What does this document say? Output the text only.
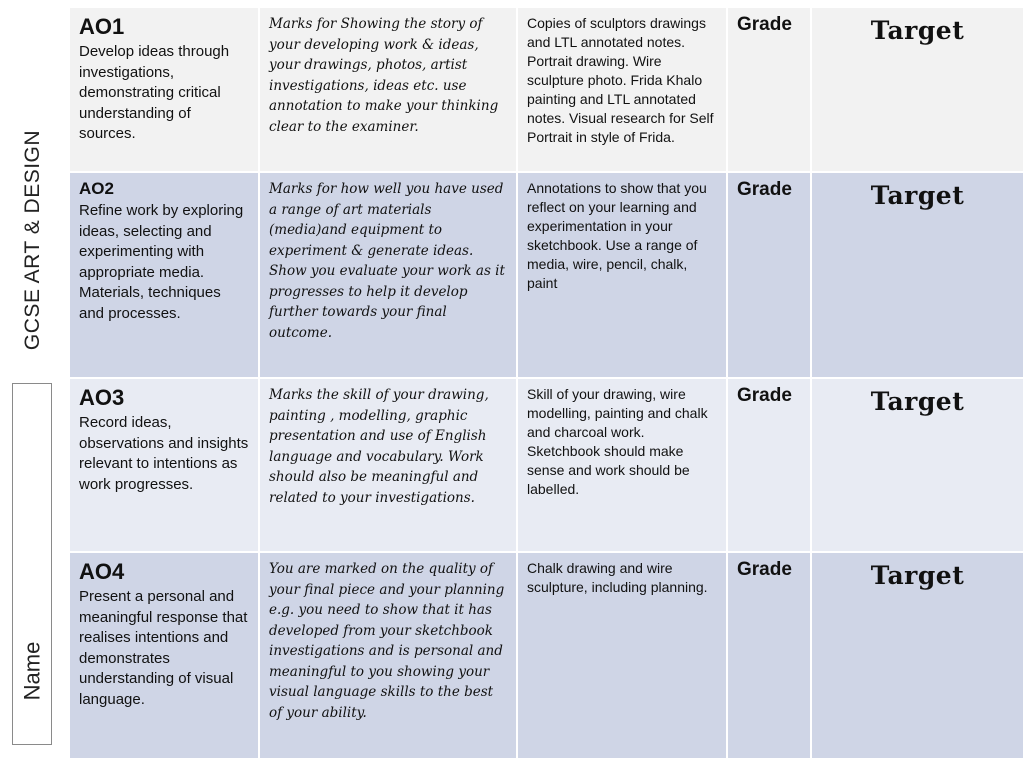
GCSE ART & DESIGN
Name
AO1
Develop ideas through investigations, demonstrating critical understanding of sources.	Marks for Showing the story of your developing work & ideas, your drawings, photos, artist investigations, ideas etc. use annotation to make your thinking clear to the examiner.	Copies of sculptors drawings and LTL annotated notes. Portrait drawing. Wire sculpture photo. Frida Khalo painting and LTL annotated notes. Visual research for Self Portrait in style of Frida.	Grade	Target

AO2
Refine work by exploring ideas, selecting and experimenting with appropriate media. Materials, techniques and processes.	Marks for how well you have used a range of art materials (media)and equipment to experiment & generate ideas. Show you evaluate your work as it progresses to help it develop further towards your final outcome.	Annotations to show that you reflect on your learning and experimentation in your sketchbook. Use a range of media, wire, pencil, chalk, paint	Grade	Target

AO3
Record ideas, observations and insights relevant to intentions as work progresses.	Marks the skill of your drawing, painting , modelling, graphic presentation and use of English language and vocabulary. Work should also be meaningful and related to your investigations.	Skill of your drawing, wire modelling, painting and chalk and charcoal work. Sketchbook should make sense and work should be labelled.	Grade	Target

AO4
Present a personal and meaningful response that realises intentions and demonstrates understanding of visual language.	You are marked on the quality of your final piece and your planning e.g. you need to show that it has developed from your sketchbook investigations and is personal and meaningful to you showing your visual language skills to the best of your ability.	Chalk drawing and wire sculpture, including planning.	Grade	Target
